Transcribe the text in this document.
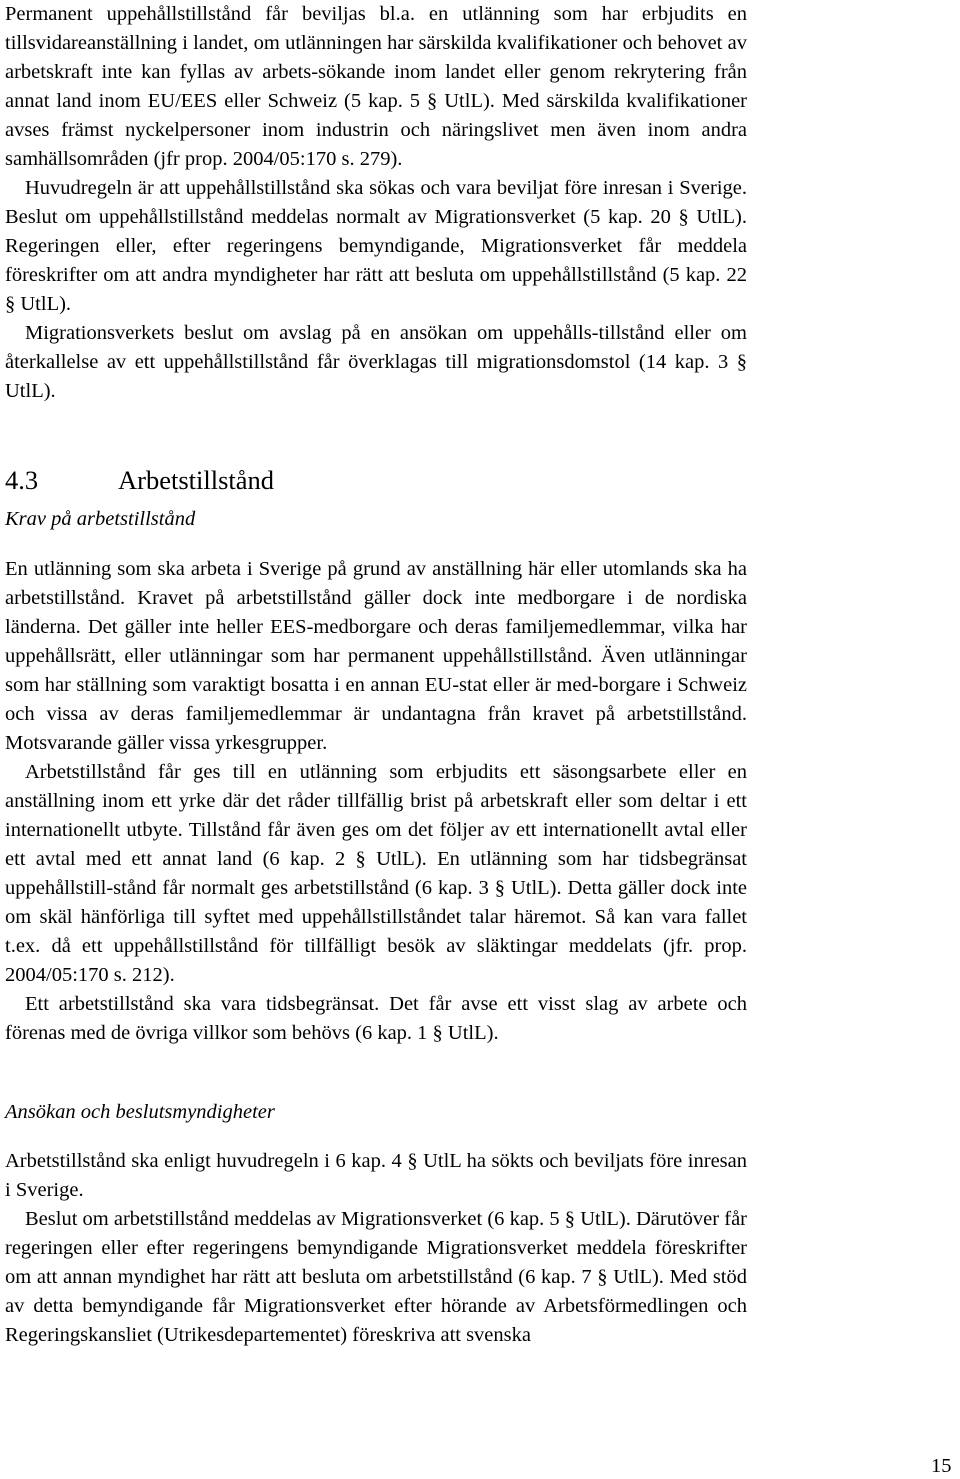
Permanent uppehållstillstånd får beviljas bl.a. en utlänning som har erbjudits en tillsvidareanställning i landet, om utlänningen har särskilda kvalifikationer och behovet av arbetskraft inte kan fyllas av arbets-sökande inom landet eller genom rekrytering från annat land inom EU/EES eller Schweiz (5 kap. 5 § UtlL). Med särskilda kvalifikationer avses främst nyckelpersoner inom industrin och näringslivet men även inom andra samhällsområden (jfr prop. 2004/05:170 s. 279).

Huvudregeln är att uppehållstillstånd ska sökas och vara beviljat före inresan i Sverige. Beslut om uppehållstillstånd meddelas normalt av Migrationsverket (5 kap. 20 § UtlL). Regeringen eller, efter regeringens bemyndigande, Migrationsverket får meddela föreskrifter om att andra myndigheter har rätt att besluta om uppehållstillstånd (5 kap. 22 § UtlL).

Migrationsverkets beslut om avslag på en ansökan om uppehålls-tillstånd eller om återkallelse av ett uppehållstillstånd får överklagas till migrationsdomstol (14 kap. 3 § UtlL).

4.3	Arbetstillstånd
Krav på arbetstillstånd

En utlänning som ska arbeta i Sverige på grund av anställning här eller utomlands ska ha arbetstillstånd. Kravet på arbetstillstånd gäller dock inte medborgare i de nordiska länderna. Det gäller inte heller EES-medborgare och deras familjemedlemmar, vilka har uppehållsrätt, eller utlänningar som har permanent uppehållstillstånd. Även utlänningar som har ställning som varaktigt bosatta i en annan EU-stat eller är med-borgare i Schweiz och vissa av deras familjemedlemmar är undantagna från kravet på arbetstillstånd. Motsvarande gäller vissa yrkesgrupper.

Arbetstillstånd får ges till en utlänning som erbjudits ett säsongsarbete eller en anställning inom ett yrke där det råder tillfällig brist på arbetskraft eller som deltar i ett internationellt utbyte. Tillstånd får även ges om det följer av ett internationellt avtal eller ett avtal med ett annat land (6 kap. 2 § UtlL). En utlänning som har tidsbegränsat uppehållstill-stånd får normalt ges arbetstillstånd (6 kap. 3 § UtlL). Detta gäller dock inte om skäl hänförliga till syftet med uppehållstillståndet talar häremot. Så kan vara fallet t.ex. då ett uppehållstillstånd för tillfälligt besök av släktingar meddelats (jfr. prop. 2004/05:170 s. 212).

Ett arbetstillstånd ska vara tidsbegränsat. Det får avse ett visst slag av arbete och förenas med de övriga villkor som behövs (6 kap. 1 § UtlL).

Ansökan och beslutsmyndigheter

Arbetstillstånd ska enligt huvudregeln i 6 kap. 4 § UtlL ha sökts och beviljats före inresan i Sverige.

Beslut om arbetstillstånd meddelas av Migrationsverket (6 kap. 5 § UtlL). Därutöver får regeringen eller efter regeringens bemyndigande Migrationsverket meddela föreskrifter om att annan myndighet har rätt att besluta om arbetstillstånd (6 kap. 7 § UtlL). Med stöd av detta bemyndigande får Migrationsverket efter hörande av Arbetsförmedlingen och Regeringskansliet (Utrikesdepartementet) föreskriva att svenska

15
